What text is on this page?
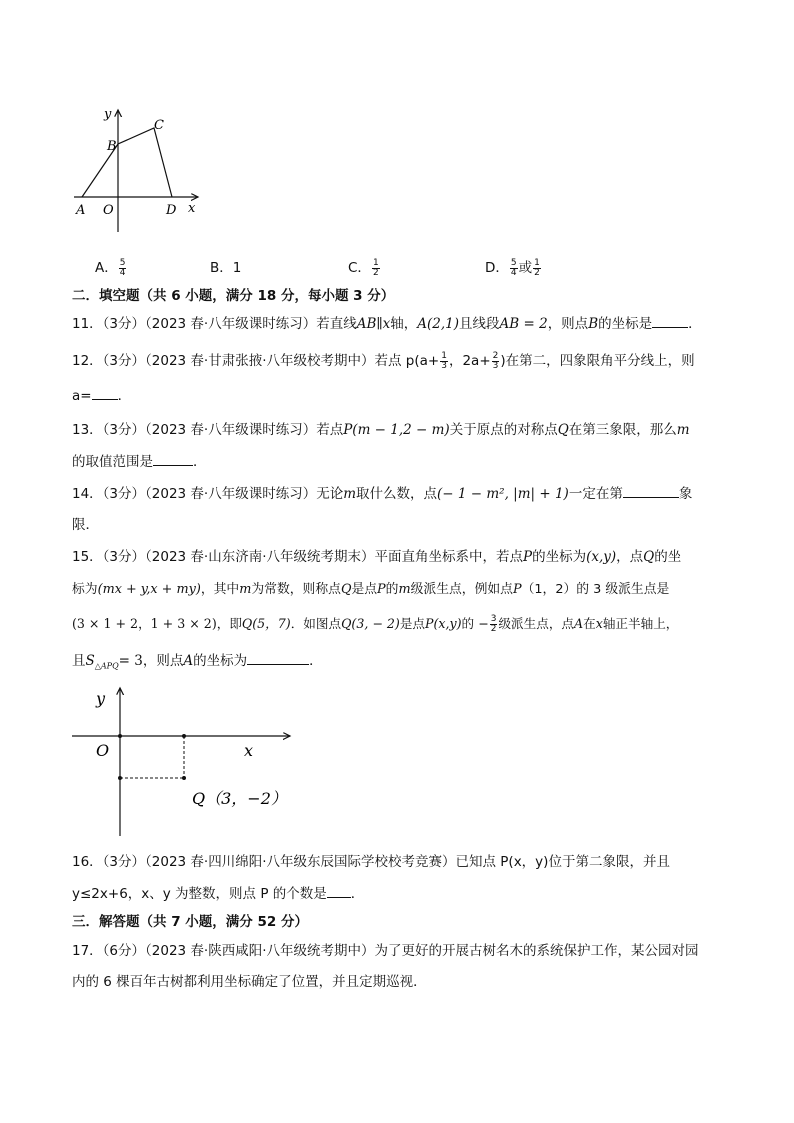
y
x
A O
B
C
D
A． $\frac{5}{4}$	B．1	C． $\frac{1}{2}$	D． $\frac{5}{4}$ 或 $\frac{1}{2}$
二．填空题（共 6 小题，满分 18 分，每小题 3 分）
11．（3分）（2023 春·八年级课时练习）若直线AB∥x轴，A(2,1)且线段AB = 2，则点B的坐标是	．
12．（3分）（2023 春·甘肃张掖·八年级校考期中）若点 $p(a+ \frac{1}{3}$ ，$2a+ \frac{2}{3}$ )在第二，四象限角平分线上，则
a= ．
13．（3分）（2023 春·八年级课时练习）若点P(m − 1,2 − m)关于原点的对称点Q在第三象限，那么m
的取值范围是	．
14．（3分）（2023 春·八年级课时练习）无论m取什么数，点(− 1 − m², |m| + 1)一定在第	象
限．
15．（3分）（2023 春·山东济南·八年级统考期末）平面直角坐标系中，若点P的坐标为(x,y)，点Q的坐
标为(mx + y,x + my)，其中m为常数，则称点Q是点P的m级派生点，例如点P（1，2）的 3 级派生点是
(3 × 1 + 2，1 + 3 × 2)，即Q(5，7)．如图点Q(3, − 2)是点P(x,y)的 − $\frac{3}{2}$ 级派生点，点A在x轴正半轴上，
且$S_{\triangle APQ}= 3$，则点A的坐标为	．
y
x
O
Q（3，−2）
16．（3分）（2023 春·四川绵阳·八年级东辰国际学校校考竞赛）已知点 P(x，y)位于第二象限，并且
y≤2x+6，x、y 为整数，则点 P 的个数是 ．
三．解答题（共 7 小题，满分 52 分）
17．（6分）（2023 春·陕西咸阳·八年级统考期中）为了更好的开展古树名木的系统保护工作，某公园对园
内的 6 棵百年古树都利用坐标确定了位置，并且定期巡视．
